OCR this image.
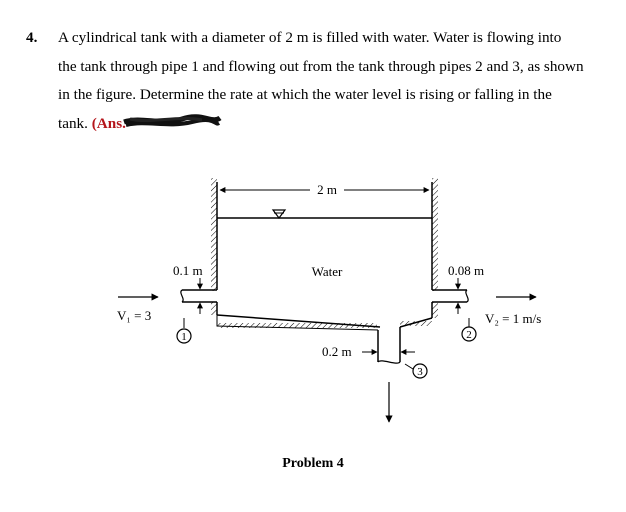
4. A cylindrical tank with a diameter of 2 m is filled with water. Water is flowing into
the tank through pipe 1 and flowing out from the tank through pipes 2 and 3, as shown
in the figure. Determine the rate at which the water level is rising or falling in the
tank. (Ans. –
2 m
Water
0.1 m
V₁ = 3
1
0.08 m
V₂ = 1 m/s
2
0.2 m
3
Problem 4
